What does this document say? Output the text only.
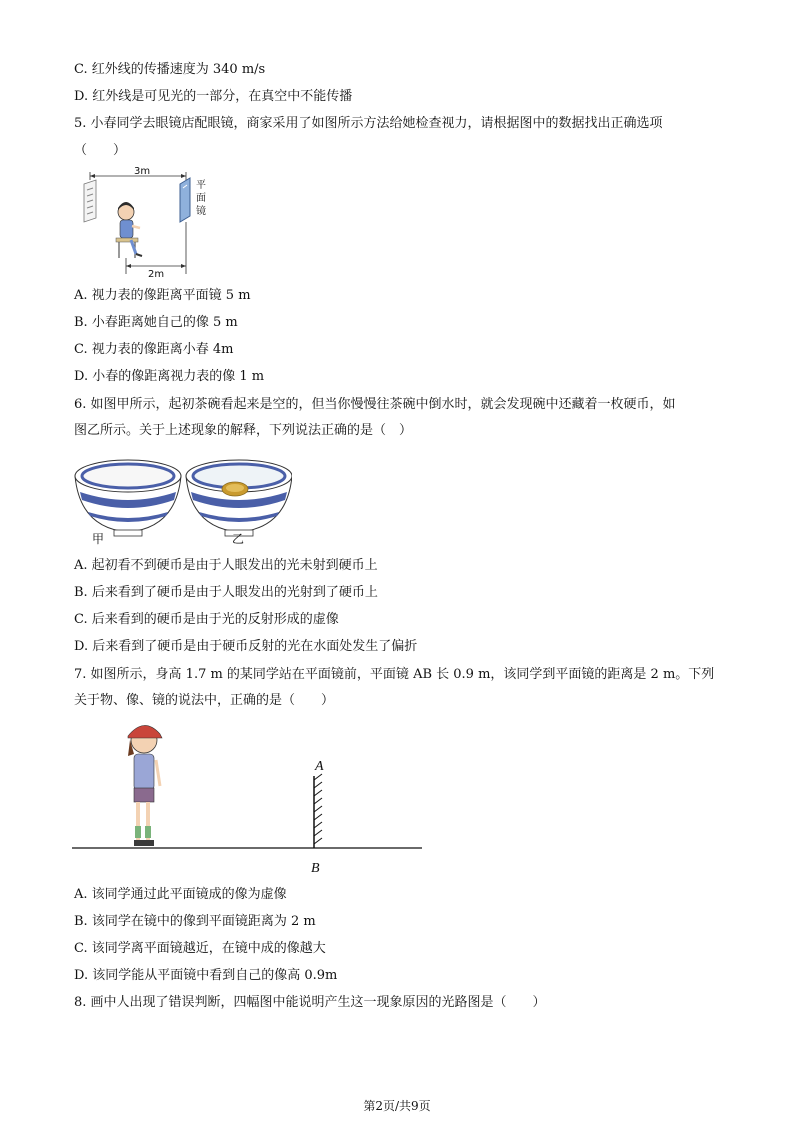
C. 红外线的传播速度为 340 m/s
D. 红外线是可见光的一部分，在真空中不能传播
5. 小春同学去眼镜店配眼镜，商家采用了如图所示方法给她检查视力，请根据图中的数据找出正确选项
（　　）
3m
平
面
镜
2m
A. 视力表的像距离平面镜 5 m
B. 小春距离她自己的像 5 m
C. 视力表的像距离小春 4m
D. 小春的像距离视力表的像 1 m
6. 如图甲所示，起初茶碗看起来是空的，但当你慢慢往茶碗中倒水时，就会发现碗中还藏着一枚硬币，如
图乙所示。关于上述现象的解释，下列说法正确的是（　）
甲	乙
A. 起初看不到硬币是由于人眼发出的光未射到硬币上
B. 后来看到了硬币是由于人眼发出的光射到了硬币上
C. 后来看到的硬币是由于光的反射形成的虚像
D. 后来看到了硬币是由于硬币反射的光在水面处发生了偏折
7. 如图所示，身高 1.7 m 的某同学站在平面镜前，平面镜 AB 长 0.9 m，该同学到平面镜的距离是 2 m。下列
关于物、像、镜的说法中，正确的是（　　）
A
B
A. 该同学通过此平面镜成的像为虚像
B. 该同学在镜中的像到平面镜距离为 2 m
C. 该同学离平面镜越近，在镜中成的像越大
D. 该同学能从平面镜中看到自己的像高 0.9m
8. 画中人出现了错误判断，四幅图中能说明产生这一现象原因的光路图是（　　）
第2页/共9页
